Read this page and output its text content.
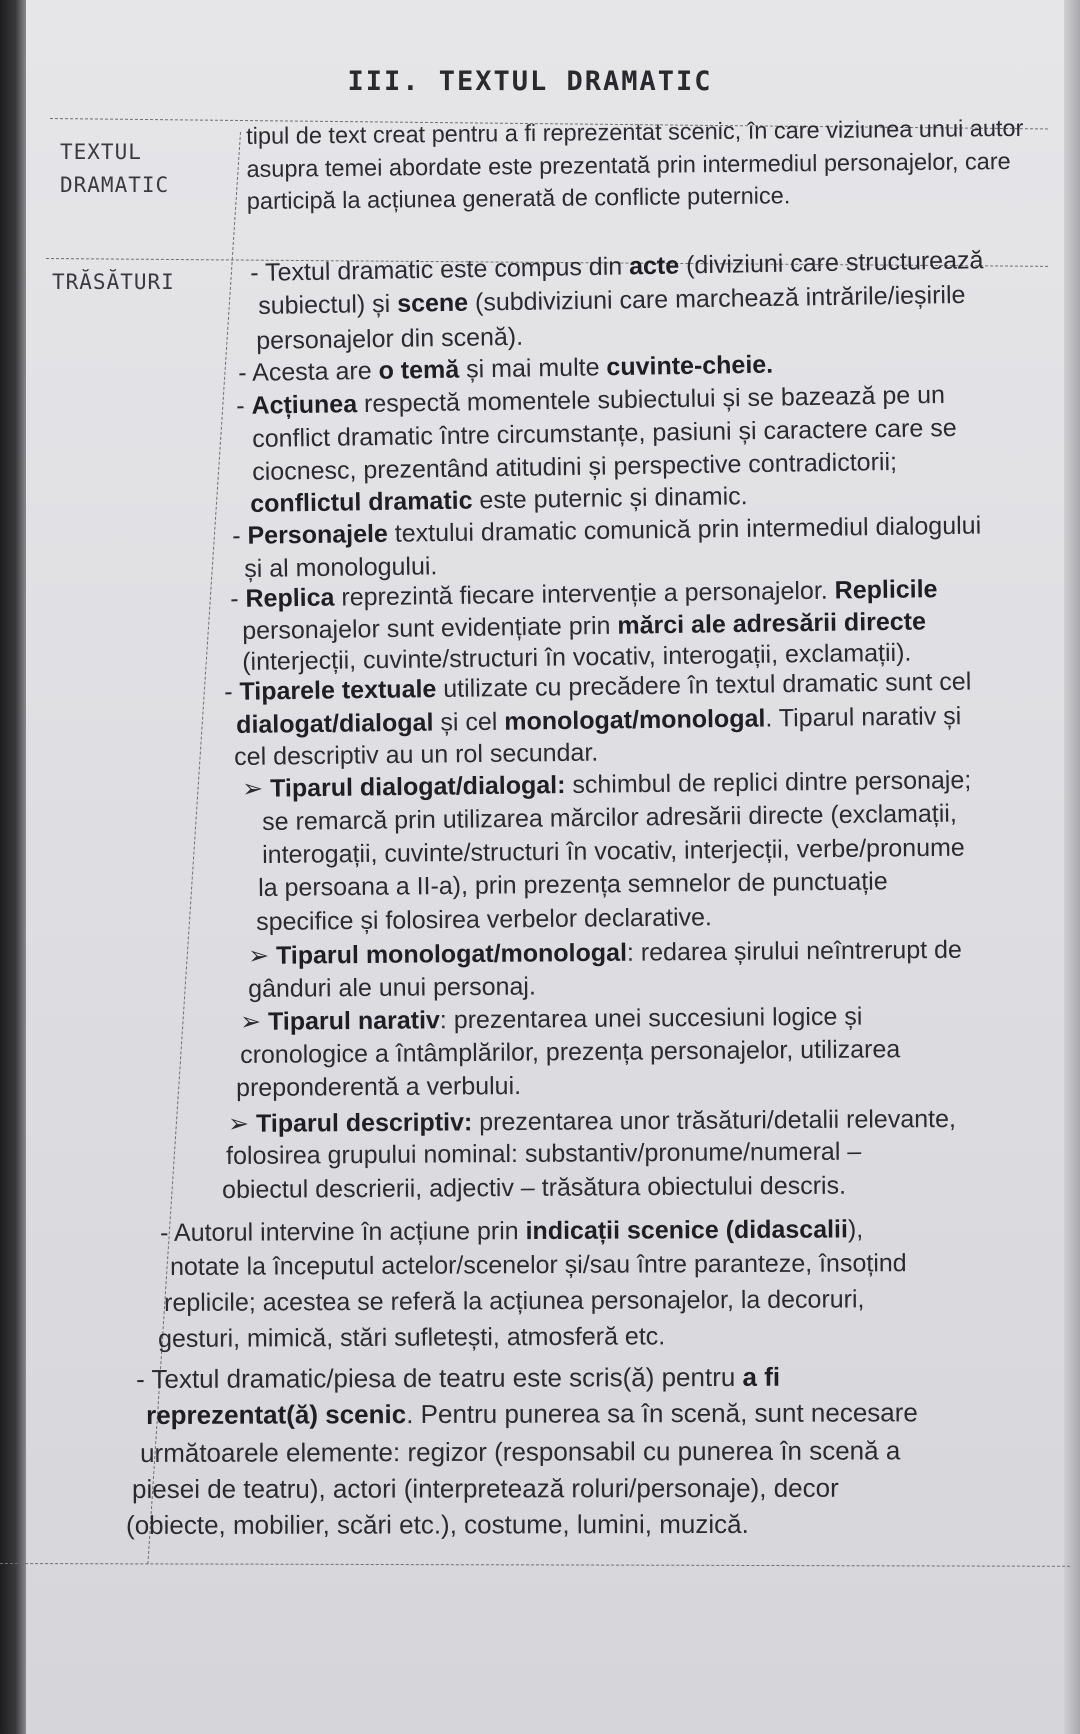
III. TEXTUL DRAMATIC
TEXTUL
DRAMATIC
tipul de text creat pentru a fi reprezentat scenic, în care viziunea unui autor asupra temei abordate este prezentată prin intermediul personajelor, care participă la acțiunea generată de conflicte puternice.
TRĂSĂTURI	- Textul dramatic este compus din acte (diviziuni care structurează
subiectul) și scene (subdiviziuni care marchează intrările/ieșirile
personajelor din scenă).
- Acesta are o temă și mai multe cuvinte-cheie.
- Acțiunea respectă momentele subiectului și se bazează pe un
conflict dramatic între circumstanțe, pasiuni și caractere care se
ciocnesc, prezentând atitudini și perspective contradictorii;
conflictul dramatic este puternic și dinamic.
- Personajele textului dramatic comunică prin intermediul dialogului
și al monologului.
- Replica reprezintă fiecare intervenție a personajelor. Replicile
personajelor sunt evidențiate prin mărci ale adresării directe
(interjecții, cuvinte/structuri în vocativ, interogații, exclamații).
- Tiparele textuale utilizate cu precădere în textul dramatic sunt cel
dialogat/dialogal și cel monologat/monologal. Tiparul narativ și
cel descriptiv au un rol secundar.
➢ Tiparul dialogat/dialogal: schimbul de replici dintre personaje;
se remarcă prin utilizarea mărcilor adresării directe (exclamații,
interogații, cuvinte/structuri în vocativ, interjecții, verbe/pronume
la persoana a II-a), prin prezența semnelor de punctuație
specifice și folosirea verbelor declarative.
➢ Tiparul monologat/monologal: redarea șirului neîntrerupt de
gânduri ale unui personaj.
➢ Tiparul narativ: prezentarea unei succesiuni logice și
cronologice a întâmplărilor, prezența personajelor, utilizarea
preponderentă a verbului.
➢ Tiparul descriptiv: prezentarea unor trăsături/detalii relevante,
folosirea grupului nominal: substantiv/pronume/numeral –
obiectul descrierii, adjectiv – trăsătura obiectului descris.
- Autorul intervine în acțiune prin indicații scenice (didascalii),
notate la începutul actelor/scenelor și/sau între paranteze, însoțind
replicile; acestea se referă la acțiunea personajelor, la decoruri,
gesturi, mimică, stări sufletești, atmosferă etc.
- Textul dramatic/piesa de teatru este scris(ă) pentru a fi
reprezentat(ă) scenic. Pentru punerea sa în scenă, sunt necesare
următoarele elemente: regizor (responsabil cu punerea în scenă a
piesei de teatru), actori (interpretează roluri/personaje), decor
(obiecte, mobilier, scări etc.), costume, lumini, muzică.
